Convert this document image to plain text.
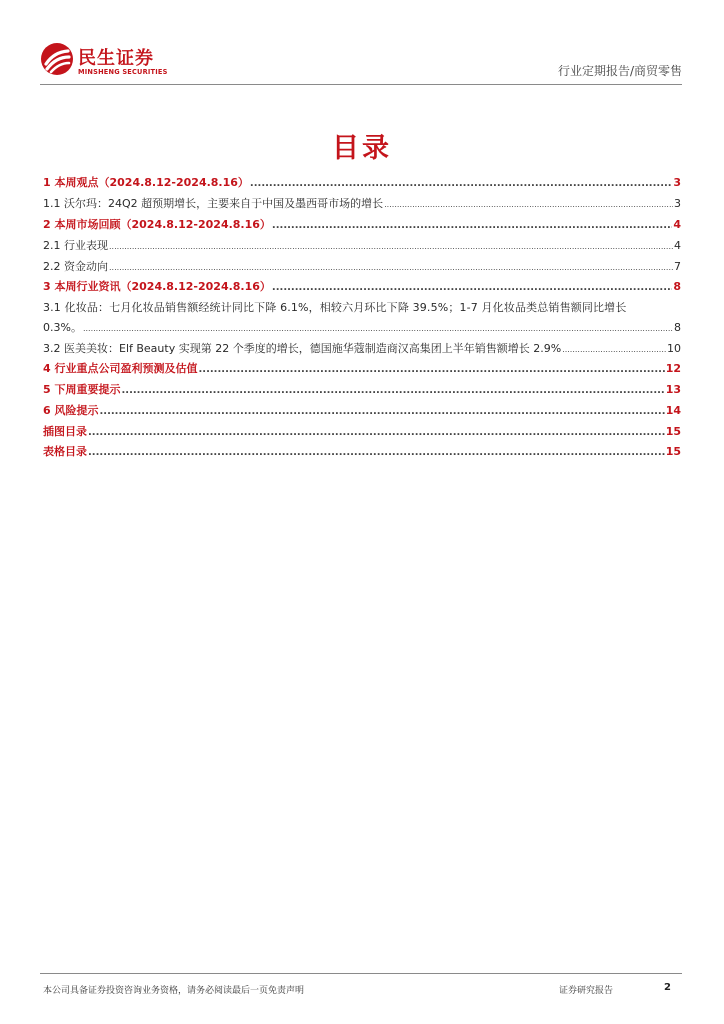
民生证券
MINSHENG SECURITIES	行业定期报告/商贸零售
目录
1 本周观点（2024.8.12-2024.8.16） .....	3
1.1 沃尔玛：24Q2 超预期增长，主要来自于中国及墨西哥市场的增长 .....	3
2 本周市场回顾（2024.8.12-2024.8.16） .....	4
2.1 行业表现 .....	4
2.2 资金动向 .....	7
3 本周行业资讯（2024.8.12-2024.8.16） .....	8
3.1 化妆品：七月化妆品销售额经统计同比下降 6.1%，相较六月环比下降 39.5%；1-7 月化妆品类总销售额同比增长
0.3%。 .....	8
3.2 医美美妆：Elf Beauty 实现第 22 个季度的增长，德国施华蔻制造商汉高集团上半年销售额增长 2.9% .....	10
4 行业重点公司盈利预测及估值 .....	12
5 下周重要提示 .....	13
6 风险提示 .....	14
插图目录 .....	15
表格目录 .....	15
本公司具备证券投资咨询业务资格，请务必阅读最后一页免责声明	证券研究报告	2
